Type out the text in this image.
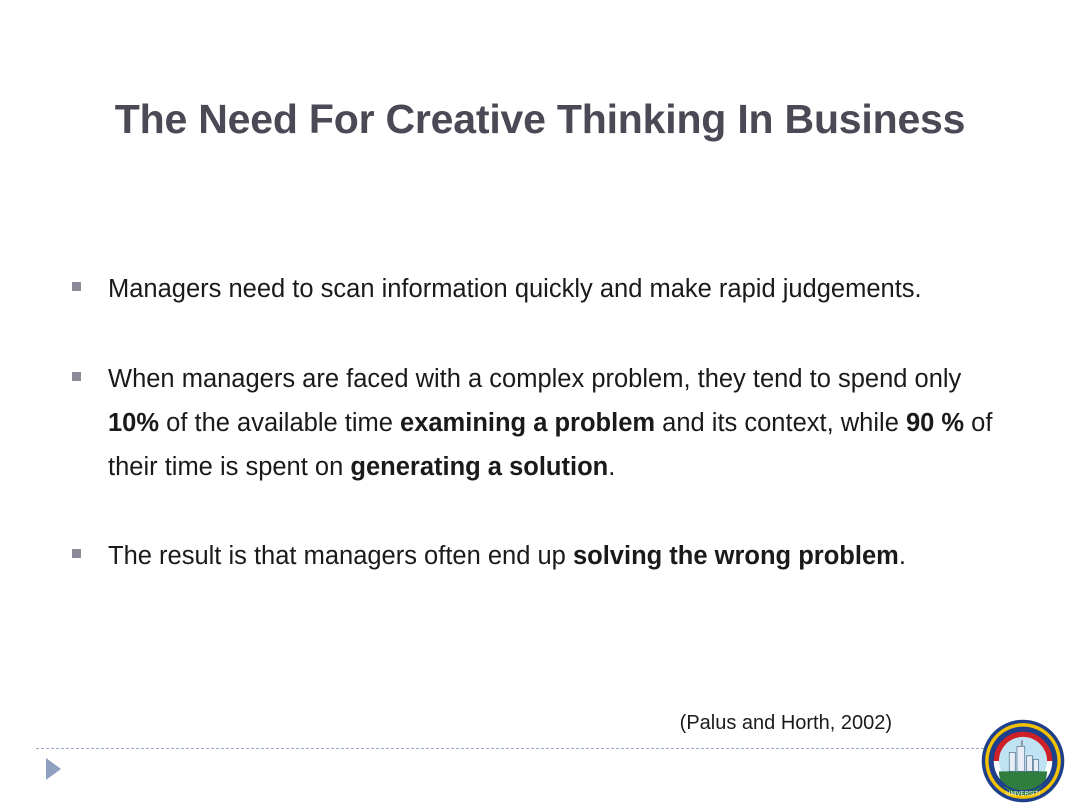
The Need For Creative Thinking In Business
Managers need to scan information quickly and make rapid judgements.
When managers are faced with a complex problem, they tend to spend only 10% of the available time examining a problem and its context, while 90 % of their time is spent on generating a solution.
The result is that managers often end up solving the wrong problem.
(Palus and Horth, 2002)
UNIVERSITI
